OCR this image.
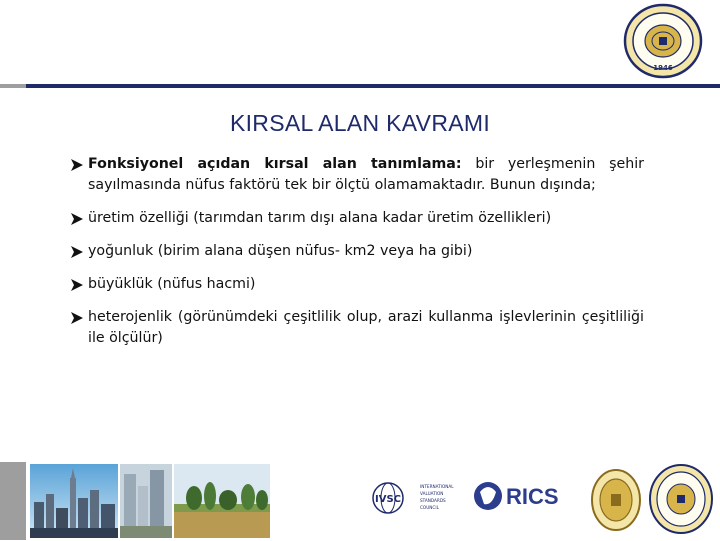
1946
KIRSAL ALAN KAVRAMI
Fonksiyonel açıdan kırsal alan tanımlama: bir yerleşmenin şehir sayılmasında nüfus faktörü tek bir ölçtü olamamaktadır. Bunun dışında;
üretim özelliği (tarımdan tarım dışı alana kadar üretim özellikleri)
yoğunluk (birim alana düşen nüfus- km2 veya ha gibi)
büyüklük (nüfus hacmi)
heterojenlik (görünümdeki çeşitlilik olup, arazi kullanma işlevlerinin çeşitliliği ile ölçülür)
IVSC
INTERNATIONAL
VALUATION
STANDARDS
COUNCIL	RICS
